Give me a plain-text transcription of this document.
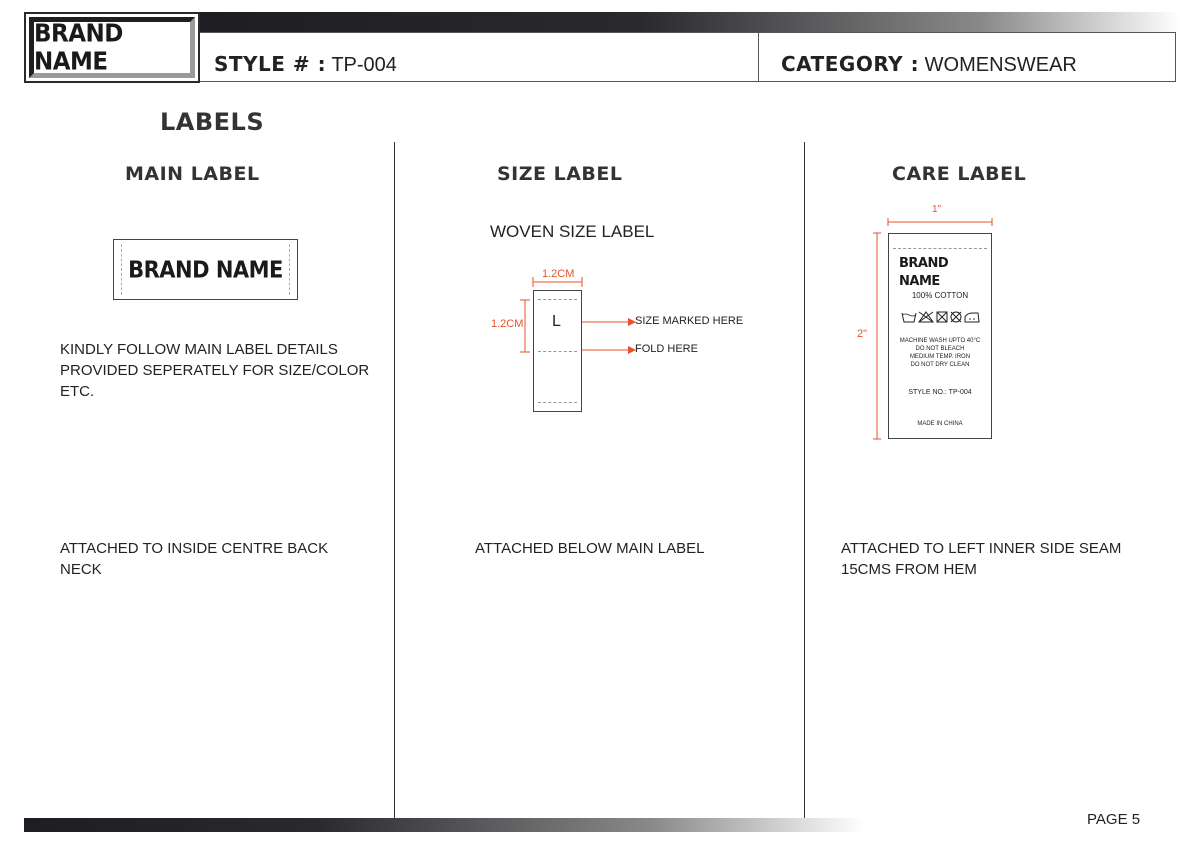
BRAND NAME	STYLE # : TP-004	CATEGORY : WOMENSWEAR
LABELS
MAIN LABEL
BRAND NAME
KINDLY FOLLOW MAIN LABEL DETAILS
PROVIDED SEPERATELY FOR SIZE/COLOR
ETC.
ATTACHED TO INSIDE CENTRE BACK
NECK
SIZE LABEL
WOVEN SIZE LABEL
1.2CM
1.2CM L	SIZE MARKED HERE
FOLD HERE
ATTACHED BELOW MAIN LABEL
CARE LABEL
1"
2"
BRAND NAME
100% COTTON
MACHINE WASH UPTO 40°C
DO NOT BLEACH
MEDIUM TEMP. IRON
DO NOT DRY CLEAN
STYLE NO.: TP-004
MADE IN CHINA
ATTACHED TO LEFT INNER SIDE SEAM
15CMS FROM HEM
PAGE 5
